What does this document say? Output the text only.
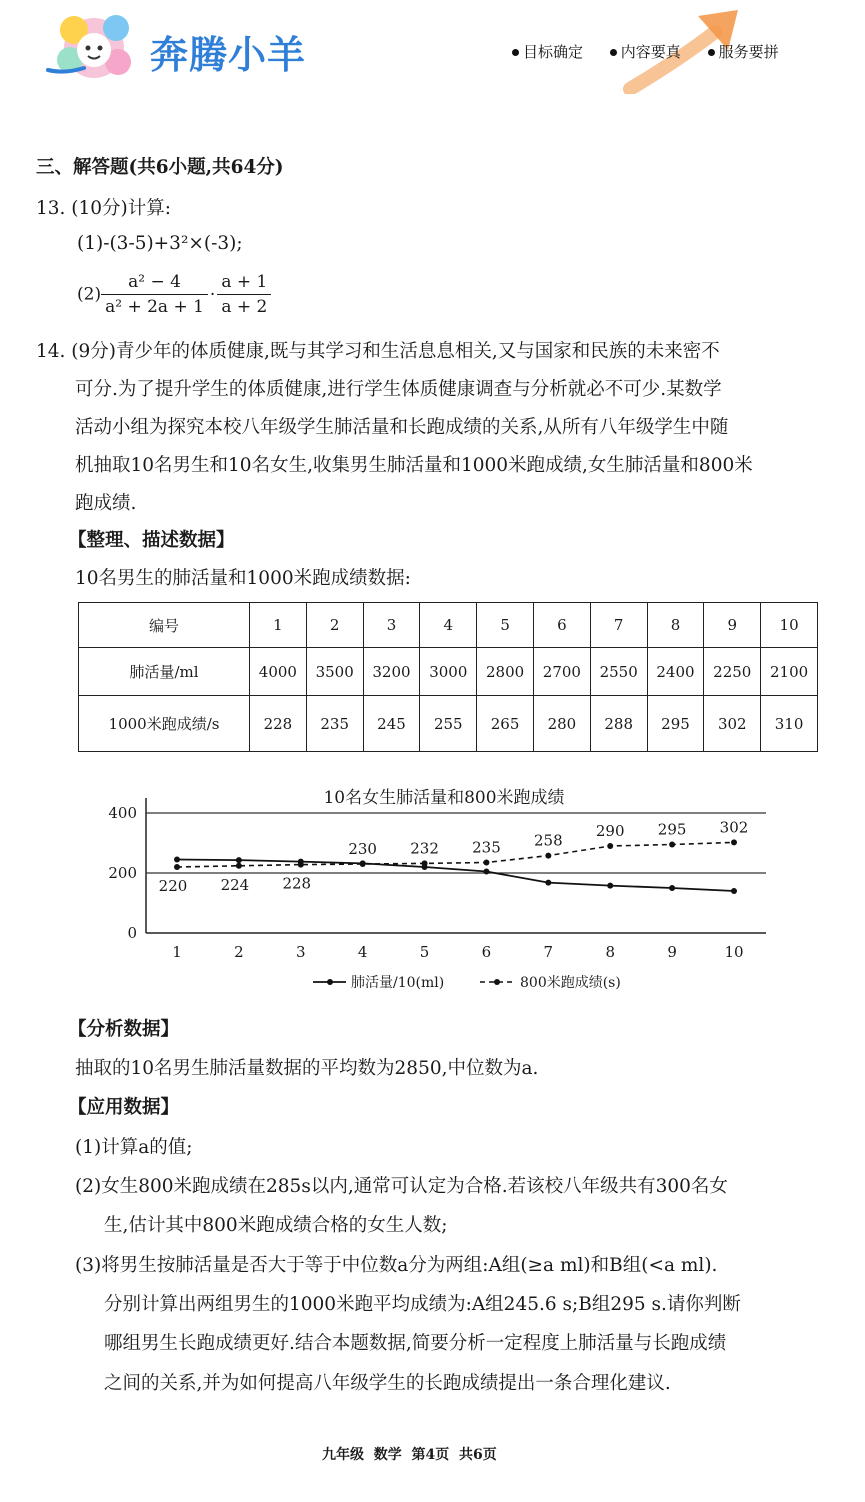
奔腾小羊	目标确定	内容要真	服务要拼
三、解答题(共6小题,共64分)
13. (10分)计算:
(1)-(3-5)+3²×(-3);
$(2) \frac{\text{a² − 4}}{\text{a² + 2a + 1}} \cdot \frac{a + 1}{a + 2}$
14. (9分)青少年的体质健康,既与其学习和生活息息相关,又与国家和民族的未来密不
可分.为了提升学生的体质健康,进行学生体质健康调查与分析就必不可少.某数学
活动小组为探究本校八年级学生肺活量和长跑成绩的关系,从所有八年级学生中随
机抽取10名男生和10名女生,收集男生肺活量和1000米跑成绩,女生肺活量和800米
跑成绩.
【整理、描述数据】
10名男生的肺活量和1000米跑成绩数据:
编号	1	2	3	4	5	6	7	8	9	10
肺活量/ml	4000	3500	3200	3000	2800	2700	2550	2400	2250	2100
1000米跑成绩/s	228	235	245	255	265	280	288	295	302	310
10名女生肺活量和800米跑成绩
0
200
400
1	2	3	4	5	6	7	8	9	10
220 224 228
230 232 235 258
290 295 302
肺活量/10(ml)	800米跑成绩(s)
【分析数据】
抽取的10名男生肺活量数据的平均数为2850,中位数为a.
【应用数据】
(1)计算a的值;
(2)女生800米跑成绩在285s以内,通常可认定为合格.若该校八年级共有300名女
生,估计其中800米跑成绩合格的女生人数;
(3)将男生按肺活量是否大于等于中位数a分为两组:A组(≥a ml)和B组(<a ml).
分别计算出两组男生的1000米跑平均成绩为:A组245.6 s;B组295 s.请你判断
哪组男生长跑成绩更好.结合本题数据,简要分析一定程度上肺活量与长跑成绩
之间的关系,并为如何提高八年级学生的长跑成绩提出一条合理化建议.
九年级  数学  第4页  共6页
